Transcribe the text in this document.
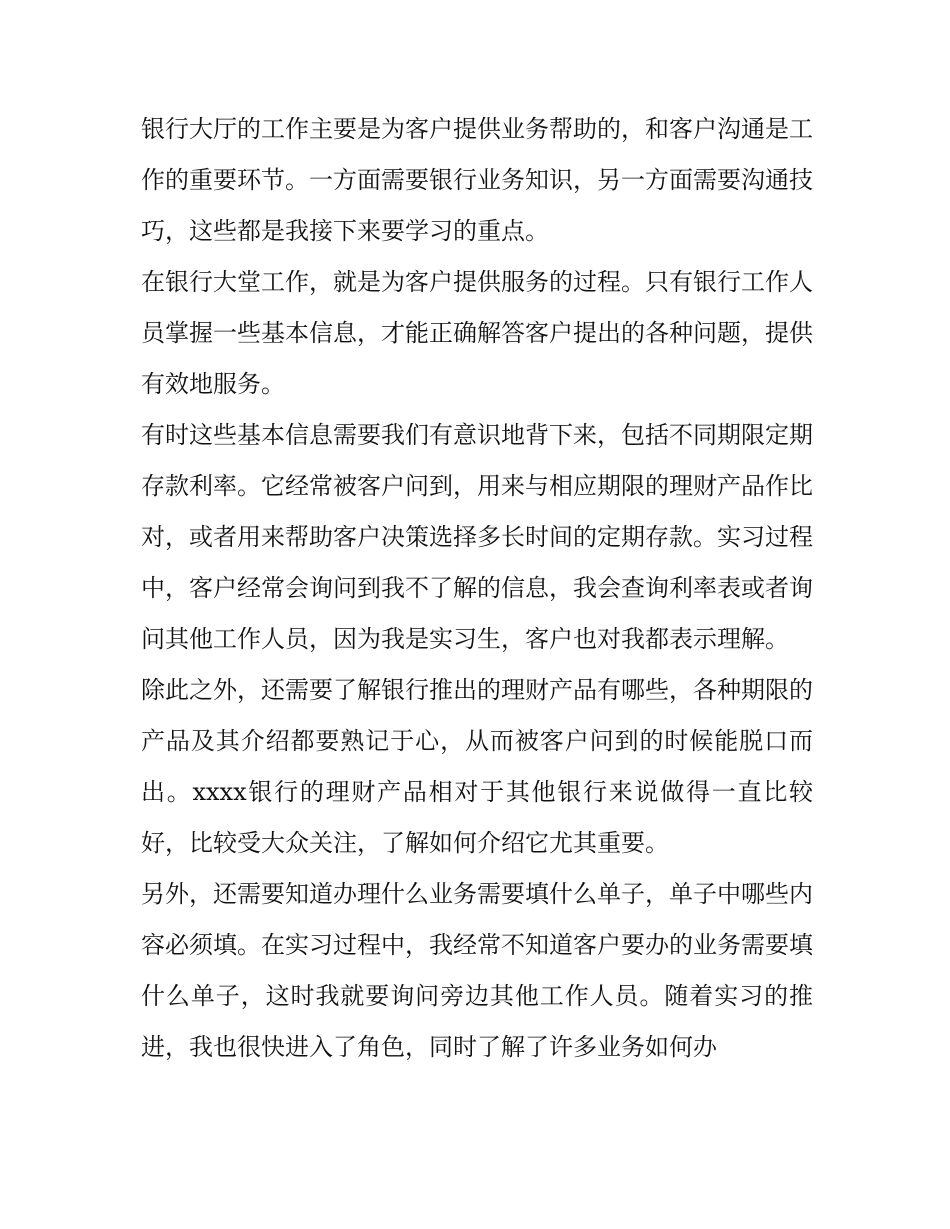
银行大厅的工作主要是为客户提供业务帮助的，和客户沟通是工作的重要环节。一方面需要银行业务知识，另一方面需要沟通技巧，这些都是我接下来要学习的重点。

在银行大堂工作，就是为客户提供服务的过程。只有银行工作人员掌握一些基本信息，才能正确解答客户提出的各种问题，提供有效地服务。

有时这些基本信息需要我们有意识地背下来，包括不同期限定期存款利率。它经常被客户问到，用来与相应期限的理财产品作比对，或者用来帮助客户决策选择多长时间的定期存款。实习过程中，客户经常会询问到我不了解的信息，我会查询利率表或者询问其他工作人员，因为我是实习生，客户也对我都表示理解。

除此之外，还需要了解银行推出的理财产品有哪些，各种期限的产品及其介绍都要熟记于心，从而被客户问到的时候能脱口而出。xxxx银行的理财产品相对于其他银行来说做得一直比较好，比较受大众关注，了解如何介绍它尤其重要。

另外，还需要知道办理什么业务需要填什么单子，单子中哪些内容必须填。在实习过程中，我经常不知道客户要办的业务需要填什么单子，这时我就要询问旁边其他工作人员。随着实习的推进，我也很快进入了角色，同时了解了许多业务如何办
